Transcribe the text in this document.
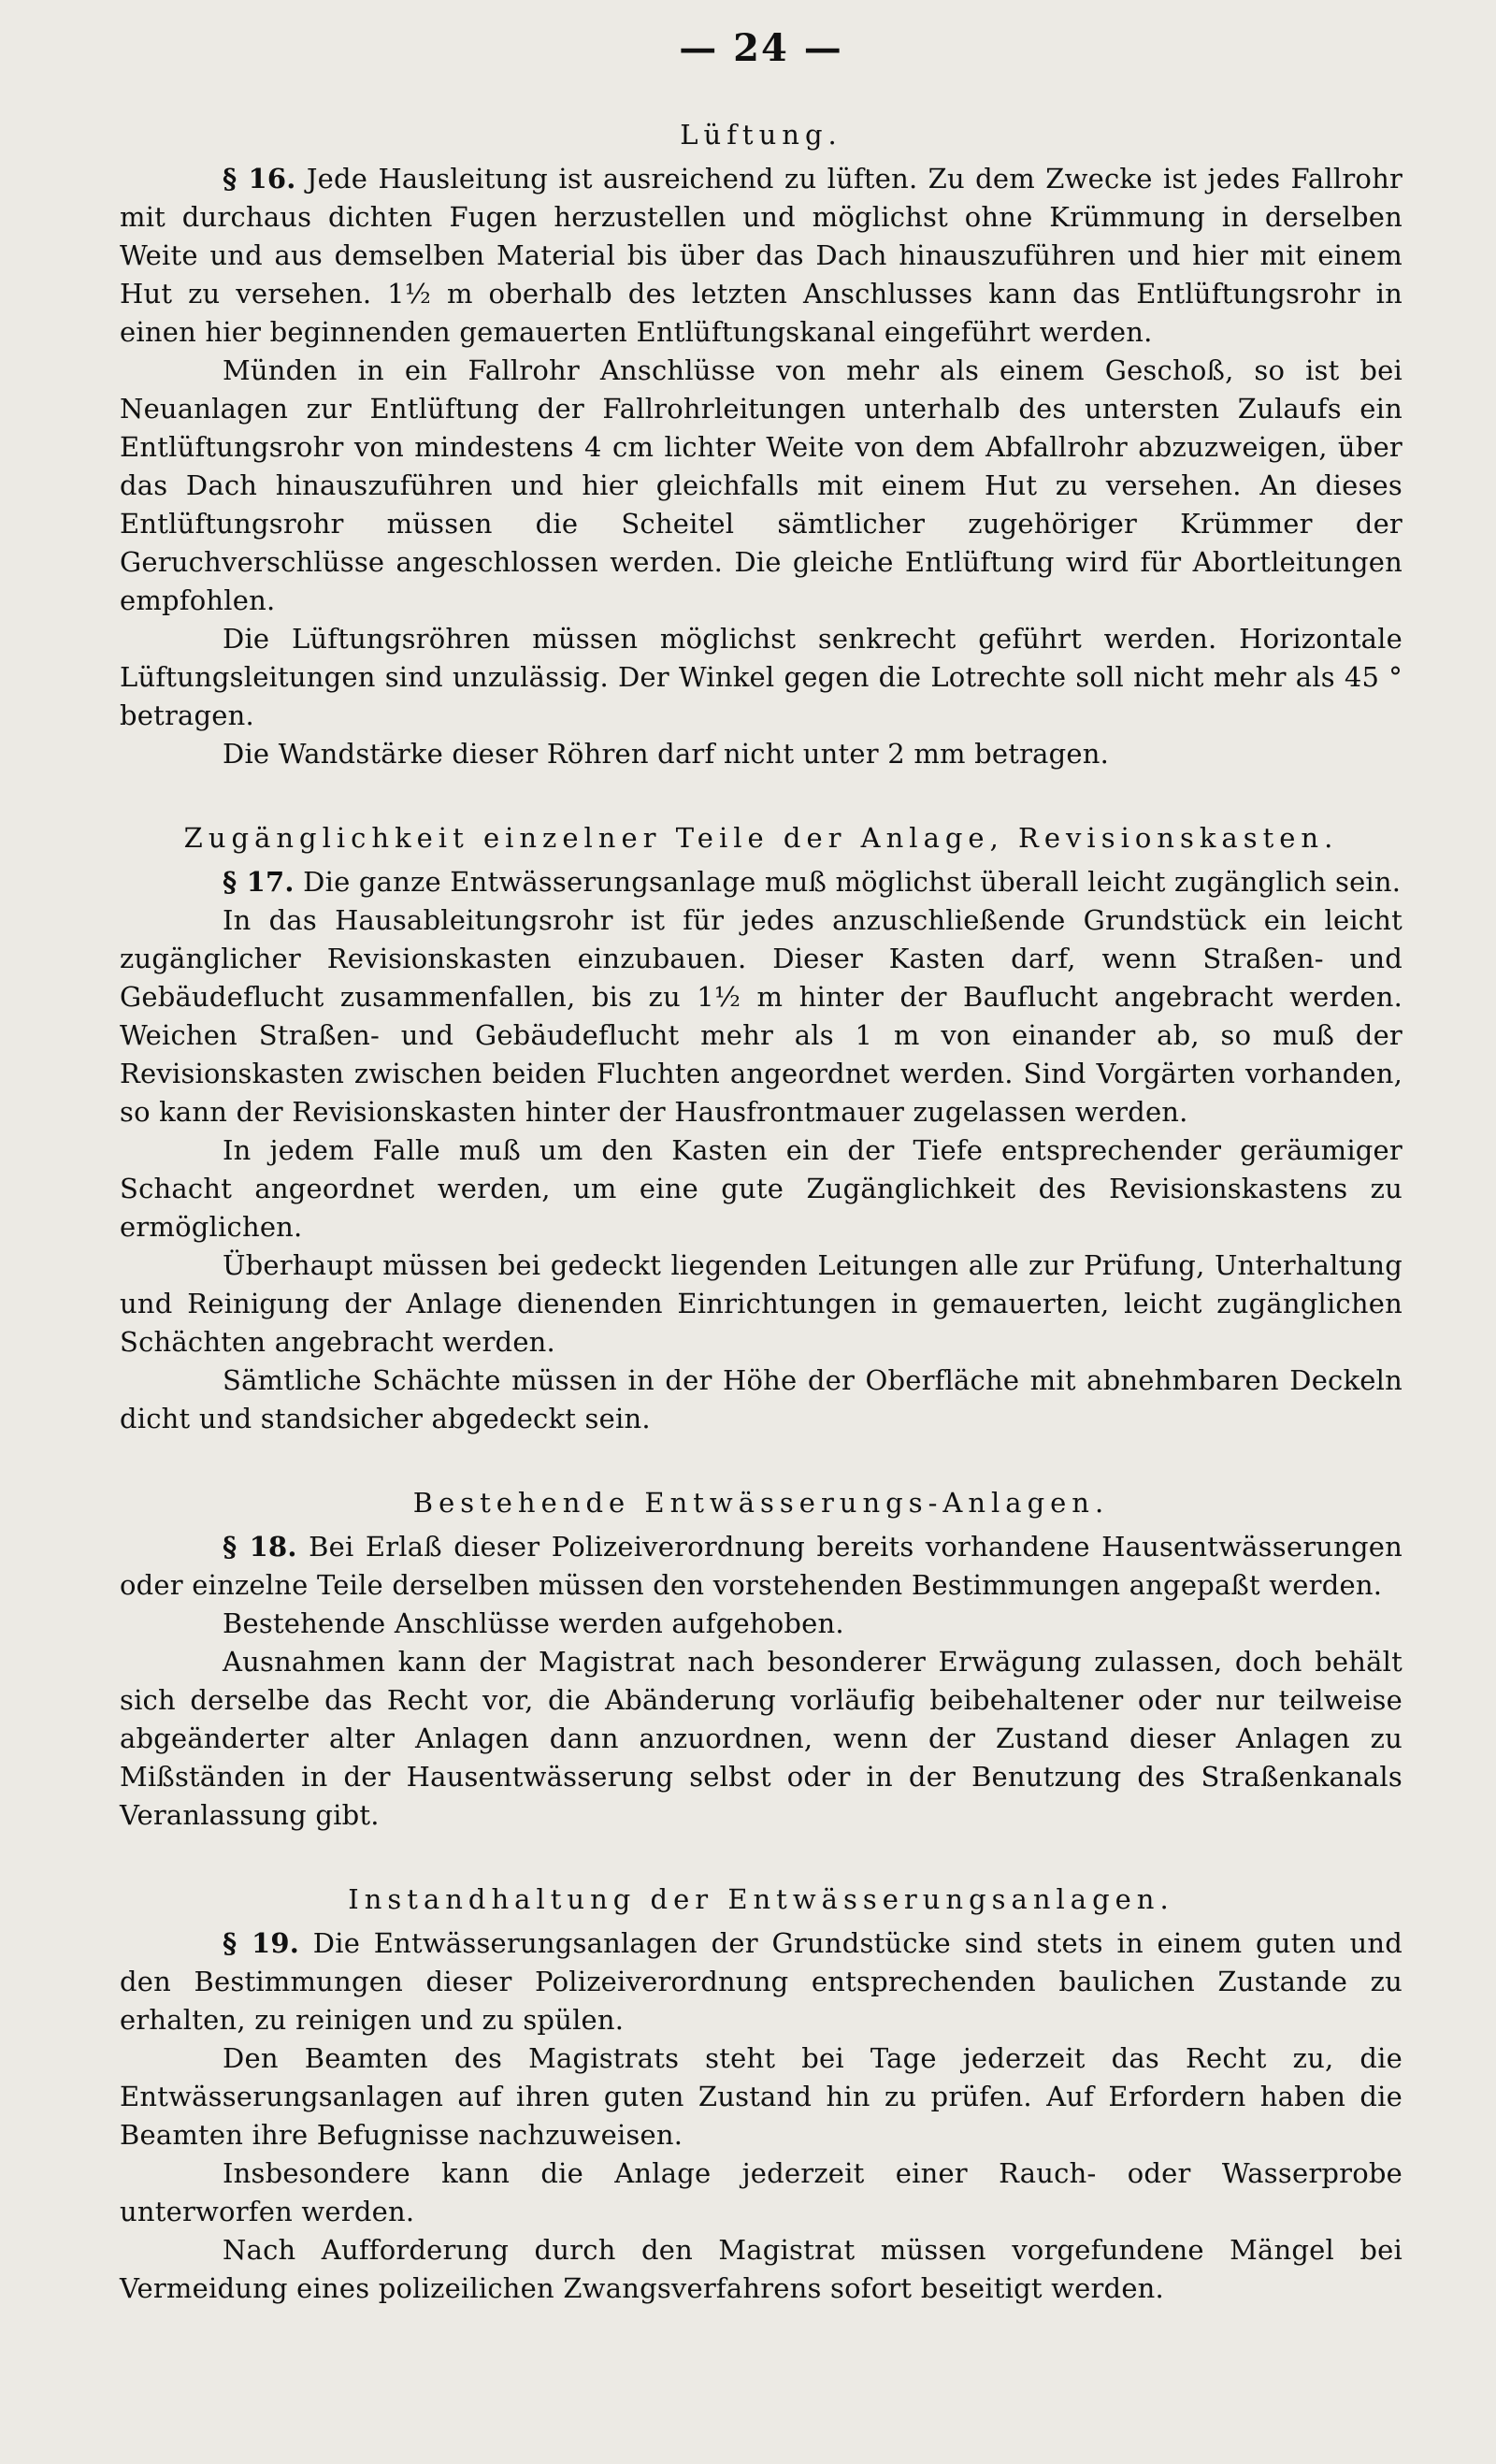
— 24 —
Lüftung.

§ 16. Jede Hausleitung ist ausreichend zu lüften. Zu dem Zwecke ist jedes Fallrohr mit durchaus dichten Fugen herzustellen und möglichst ohne Krümmung in derselben Weite und aus demselben Material bis über das Dach hinauszuführen und hier mit einem Hut zu versehen. 1½ m oberhalb des letzten Anschlusses kann das Entlüftungsrohr in einen hier beginnenden gemauerten Entlüftungskanal eingeführt werden.

Münden in ein Fallrohr Anschlüsse von mehr als einem Geschoß, so ist bei Neuanlagen zur Entlüftung der Fallrohrleitungen unterhalb des untersten Zulaufs ein Entlüftungsrohr von mindestens 4 cm lichter Weite von dem Abfallrohr abzuzweigen, über das Dach hinauszuführen und hier gleichfalls mit einem Hut zu versehen. An dieses Entlüftungsrohr müssen die Scheitel sämtlicher zugehöriger Krümmer der Geruchverschlüsse angeschlossen werden. Die gleiche Entlüftung wird für Abortleitungen empfohlen.

Die Lüftungsröhren müssen möglichst senkrecht geführt werden. Horizontale Lüftungsleitungen sind unzulässig. Der Winkel gegen die Lotrechte soll nicht mehr als 45 ° betragen.

Die Wandstärke dieser Röhren darf nicht unter 2 mm betragen.

Zugänglichkeit einzelner Teile der Anlage, Revisionskasten.

§ 17. Die ganze Entwässerungsanlage muß möglichst überall leicht zugänglich sein.

In das Hausableitungsrohr ist für jedes anzuschließende Grundstück ein leicht zugänglicher Revisionskasten einzubauen. Dieser Kasten darf, wenn Straßen- und Gebäudeflucht zusammenfallen, bis zu 1½ m hinter der Bauflucht angebracht werden. Weichen Straßen- und Gebäudeflucht mehr als 1 m von einander ab, so muß der Revisionskasten zwischen beiden Fluchten angeordnet werden. Sind Vorgärten vorhanden, so kann der Revisionskasten hinter der Hausfrontmauer zugelassen werden.

In jedem Falle muß um den Kasten ein der Tiefe entsprechender geräumiger Schacht angeordnet werden, um eine gute Zugänglichkeit des Revisionskastens zu ermöglichen.

Überhaupt müssen bei gedeckt liegenden Leitungen alle zur Prüfung, Unterhaltung und Reinigung der Anlage dienenden Einrichtungen in gemauerten, leicht zugänglichen Schächten angebracht werden.

Sämtliche Schächte müssen in der Höhe der Oberfläche mit abnehmbaren Deckeln dicht und standsicher abgedeckt sein.

Bestehende Entwässerungs-Anlagen.

§ 18. Bei Erlaß dieser Polizeiverordnung bereits vorhandene Hausentwässerungen oder einzelne Teile derselben müssen den vorstehenden Bestimmungen angepaßt werden.

Bestehende Anschlüsse werden aufgehoben.

Ausnahmen kann der Magistrat nach besonderer Erwägung zulassen, doch behält sich derselbe das Recht vor, die Abänderung vorläufig beibehaltener oder nur teilweise abgeänderter alter Anlagen dann anzuordnen, wenn der Zustand dieser Anlagen zu Mißständen in der Hausentwässerung selbst oder in der Benutzung des Straßenkanals Veranlassung gibt.

Instandhaltung der Entwässerungsanlagen.

§ 19. Die Entwässerungsanlagen der Grundstücke sind stets in einem guten und den Bestimmungen dieser Polizeiverordnung entsprechenden baulichen Zustande zu erhalten, zu reinigen und zu spülen.

Den Beamten des Magistrats steht bei Tage jederzeit das Recht zu, die Entwässerungsanlagen auf ihren guten Zustand hin zu prüfen. Auf Erfordern haben die Beamten ihre Befugnisse nachzuweisen.

Insbesondere kann die Anlage jederzeit einer Rauch- oder Wasserprobe unterworfen werden.

Nach Aufforderung durch den Magistrat müssen vorgefundene Mängel bei Vermeidung eines polizeilichen Zwangsverfahrens sofort beseitigt werden.
